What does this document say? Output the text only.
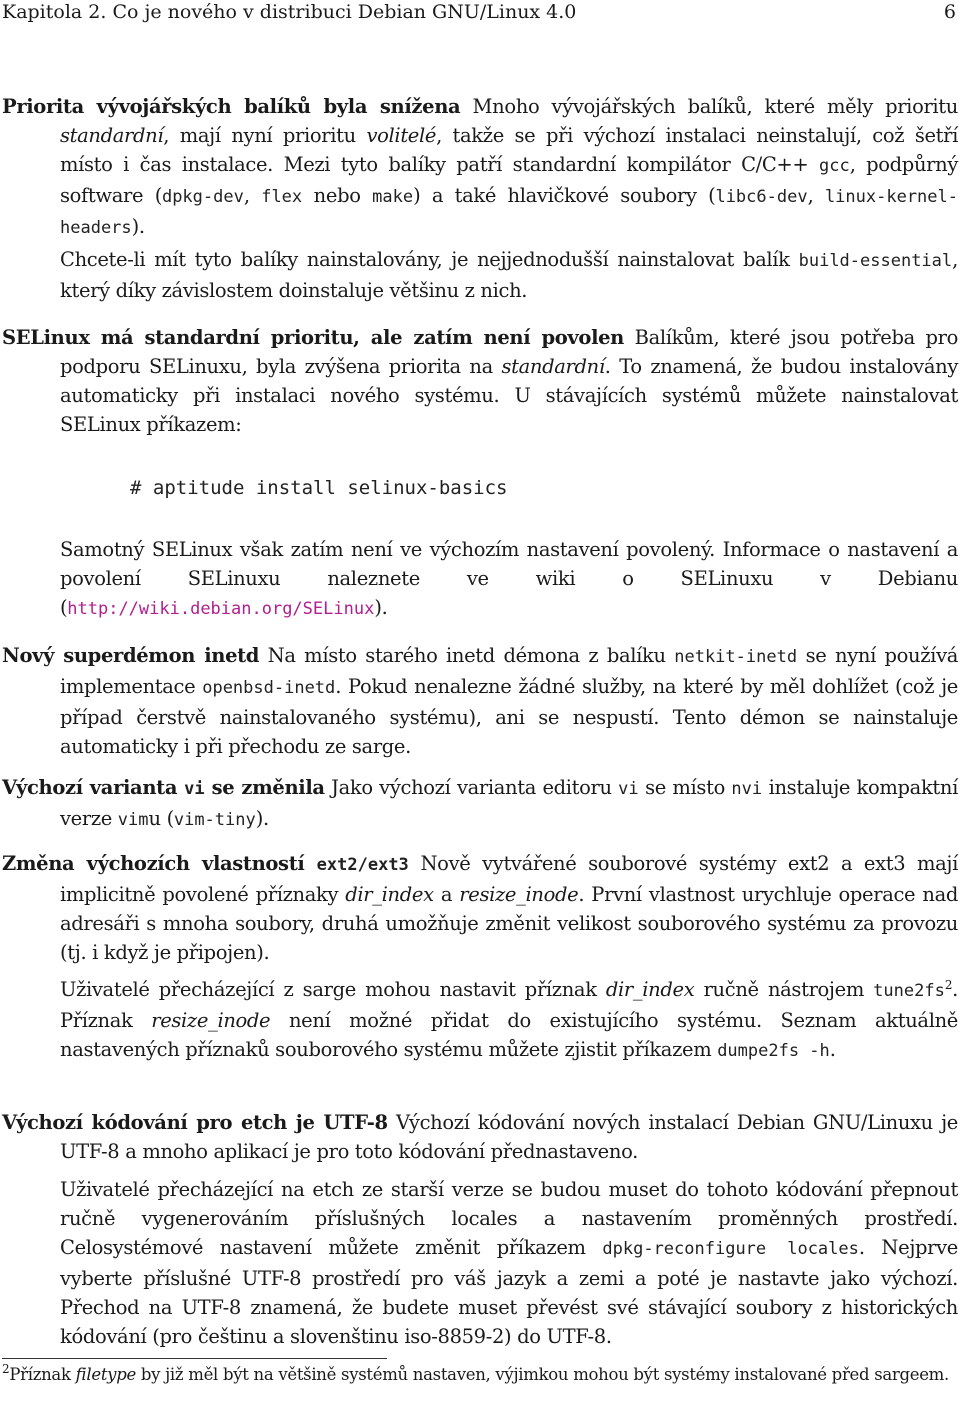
Kapitola 2. Co je nového v distribuci Debian GNU/Linux 4.0	6
Priorita vývojářských balíků byla snížena Mnoho vývojářských balíků, které měly prioritu standardní, mají nyní prioritu volitelé, takže se při výchozí instalaci neinstalují, což šetří místo i čas instalace. Mezi tyto balíky patří standardní kompilátor C/C++ gcc, podpůrný software (dpkg-dev, flex nebo make) a také hlavičkové soubory (libc6-dev, linux-kernel-headers).
Chcete-li mít tyto balíky nainstalovány, je nejjednodušší nainstalovat balík build-essential, který díky závislostem doinstaluje většinu z nich.
SELinux má standardní prioritu, ale zatím není povolen Balíkům, které jsou potřeba pro podporu SELinuxu, byla zvýšena priorita na standardní. To znamená, že budou instalovány automaticky při instalaci nového systému. U stávajících systémů můžete nainstalovat SELinux příkazem:
# aptitude install selinux-basics
Samotný SELinux však zatím není ve výchozím nastavení povolený. Informace o nastavení a povolení SELinuxu naleznete ve wiki o SELinuxu v Debianu (http://wiki.debian.org/SELinux).
Nový superdémon inetd Na místo starého inetd démona z balíku netkit-inetd se nyní používá implementace openbsd-inetd. Pokud nenalezne žádné služby, na které by měl dohlížet (což je případ čerstvě nainstalovaného systému), ani se nespustí. Tento démon se nainstaluje automaticky i při přechodu ze sarge.
Výchozí varianta vi se změnila Jako výchozí varianta editoru vi se místo nvi instaluje kompaktní verze vimu (vim-tiny).
Změna výchozích vlastností ext2/ext3 Nově vytvářené souborové systémy ext2 a ext3 mají implicitně povolené příznaky dir_index a resize_inode. První vlastnost urychluje operace nad adresáři s mnoha soubory, druhá umožňuje změnit velikost souborového systému za provozu (tj. i když je připojen).
Uživatelé přecházející z sarge mohou nastavit příznak dir_index ručně nástrojem $tune2fs^2$. Příznak resize_inode není možné přidat do existujícího systému. Seznam aktuálně nastavených příznaků souborového systému můžete zjistit příkazem dumpe2fs -h.
Výchozí kódování pro etch je UTF-8 Výchozí kódování nových instalací Debian GNU/Linuxu je UTF-8 a mnoho aplikací je pro toto kódování přednastaveno.
Uživatelé přecházející na etch ze starší verze se budou muset do tohoto kódování přepnout ručně vygenerováním příslušných locales a nastavením proměnných prostředí. Celosystémové nastavení můžete změnit příkazem dpkg-reconfigure locales. Nejprve vyberte příslušné UTF-8 prostředí pro váš jazyk a zemi a poté je nastavte jako výchozí. Přechod na UTF-8 znamená, že budete muset převést své stávající soubory z historických kódování (pro češtinu a slovenštinu iso-8859-2) do UTF-8.
$^2$Příznak filetype by již měl být na většině systémů nastaven, výjimkou mohou být systémy instalované před sargeem.
